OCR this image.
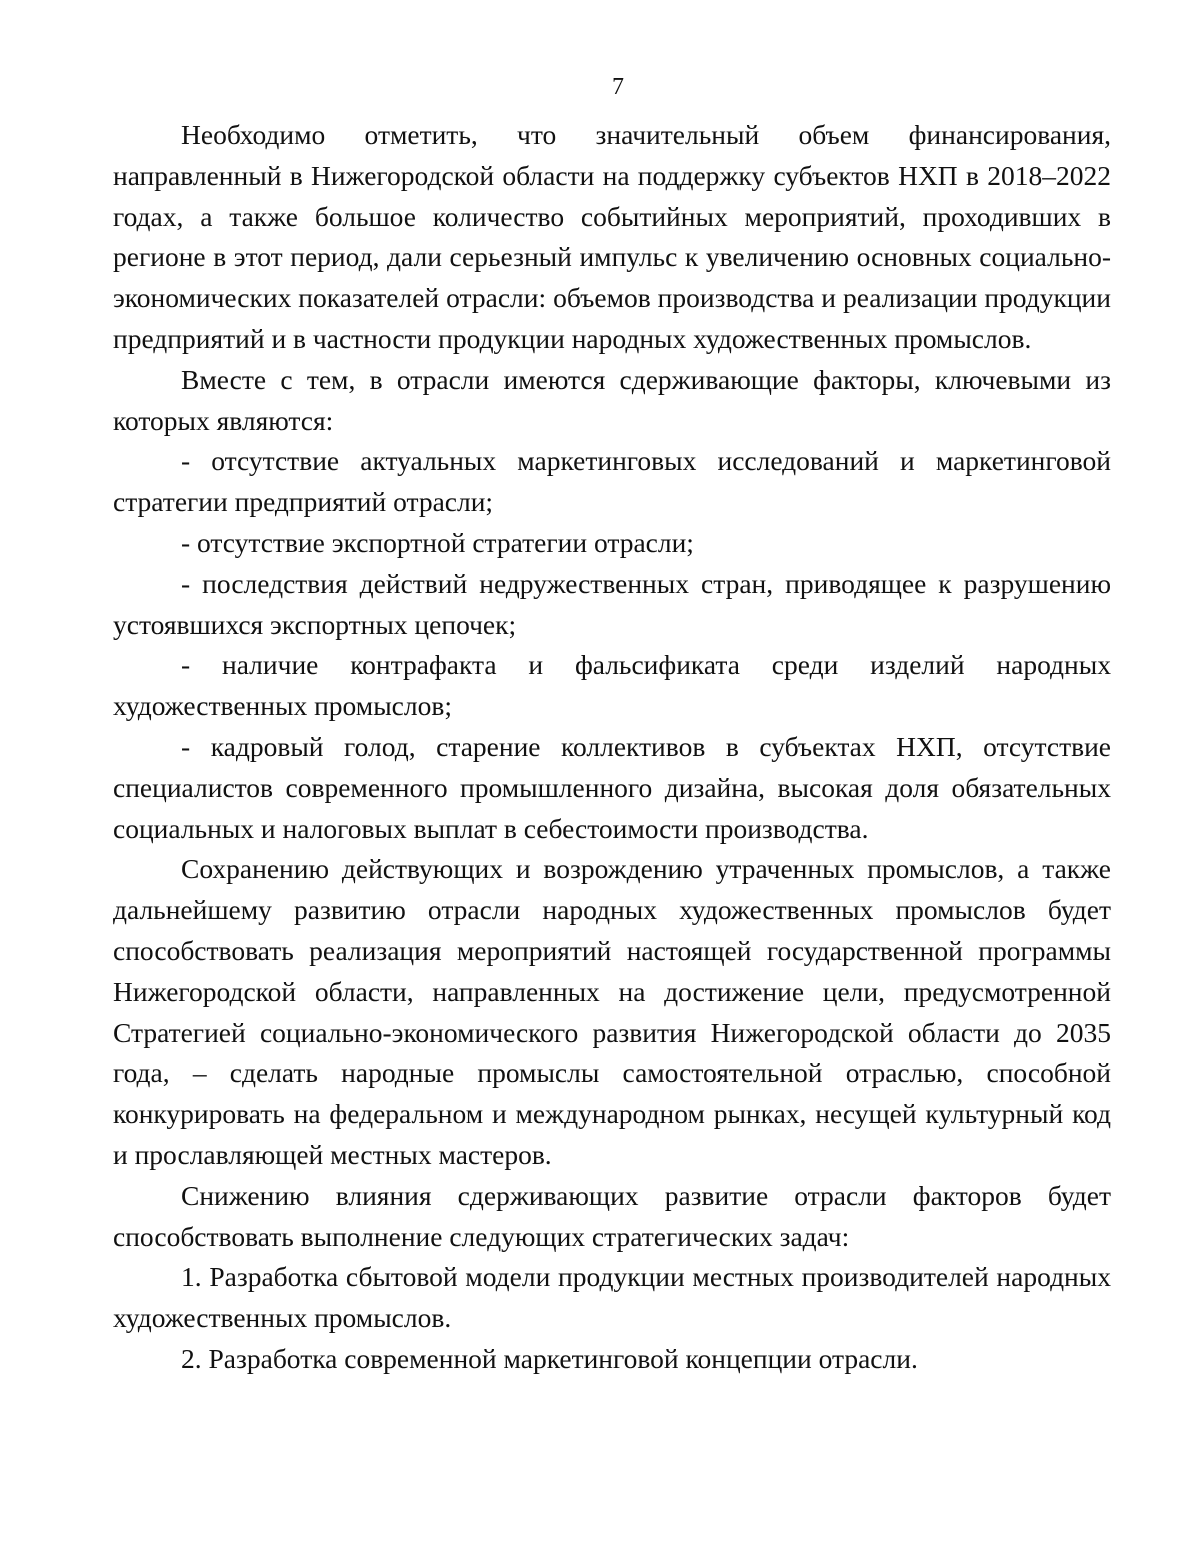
7

Необходимо отметить, что значительный объем финансирования, направленный в Нижегородской области на поддержку субъектов НХП в 2018–2022 годах, а также большое количество событийных мероприятий, проходивших в регионе в этот период, дали серьезный импульс к увеличению основных социально-экономических показателей отрасли: объемов производства и реализации продукции предприятий и в частности продукции народных художественных промыслов.

Вместе с тем, в отрасли имеются сдерживающие факторы, ключевыми из которых являются:

- отсутствие актуальных маркетинговых исследований и маркетинговой стратегии предприятий отрасли;

- отсутствие экспортной стратегии отрасли;

- последствия действий недружественных стран, приводящее к разрушению устоявшихся экспортных цепочек;

- наличие контрафакта и фальсификата среди изделий народных художественных промыслов;

- кадровый голод, старение коллективов в субъектах НХП, отсутствие специалистов современного промышленного дизайна, высокая доля обязательных социальных и налоговых выплат в себестоимости производства.

Сохранению действующих и возрождению утраченных промыслов, а также дальнейшему развитию отрасли народных художественных промыслов будет способствовать реализация мероприятий настоящей государственной программы Нижегородской области, направленных на достижение цели, предусмотренной Стратегией социально-экономического развития Нижегородской области до 2035 года, – сделать народные промыслы самостоятельной отраслью, способной конкурировать на федеральном и международном рынках, несущей культурный код и прославляющей местных мастеров.

Снижению влияния сдерживающих развитие отрасли факторов будет способствовать выполнение следующих стратегических задач:

1. Разработка сбытовой модели продукции местных производителей народных художественных промыслов.

2. Разработка современной маркетинговой концепции отрасли.
